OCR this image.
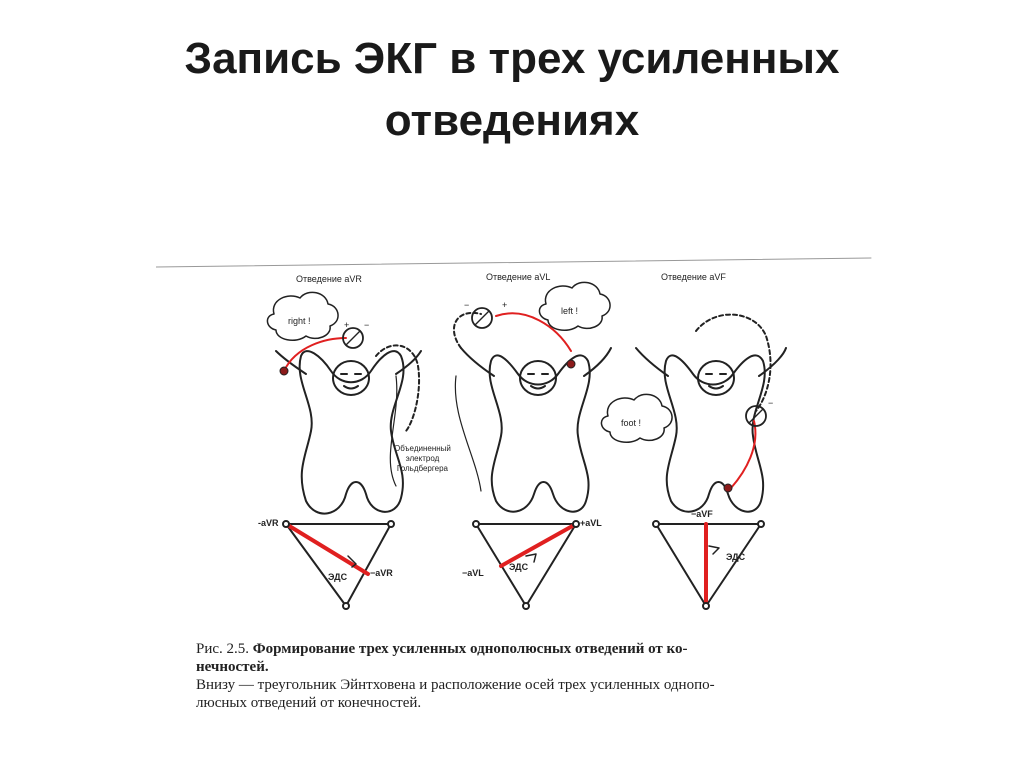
Запись ЭКГ в трех усиленных
отведениях
Отведение aVR	Отведение aVL	Отведение aVF
right !
left !
foot !
+ −
+
−
−
Объединенный
электрод
Гольдбергера
-aVR
−aVR
ЭДС
+aVL
−aVL
ЭДС
−aVF
ЭДС

Рис. 2.5. Формирование трех усиленных однополюсных отведений от ко-

нечностей.

Внизу — треугольник Эйнтховена и расположение осей трех усиленных однопо-

люсных отведений от конечностей.
